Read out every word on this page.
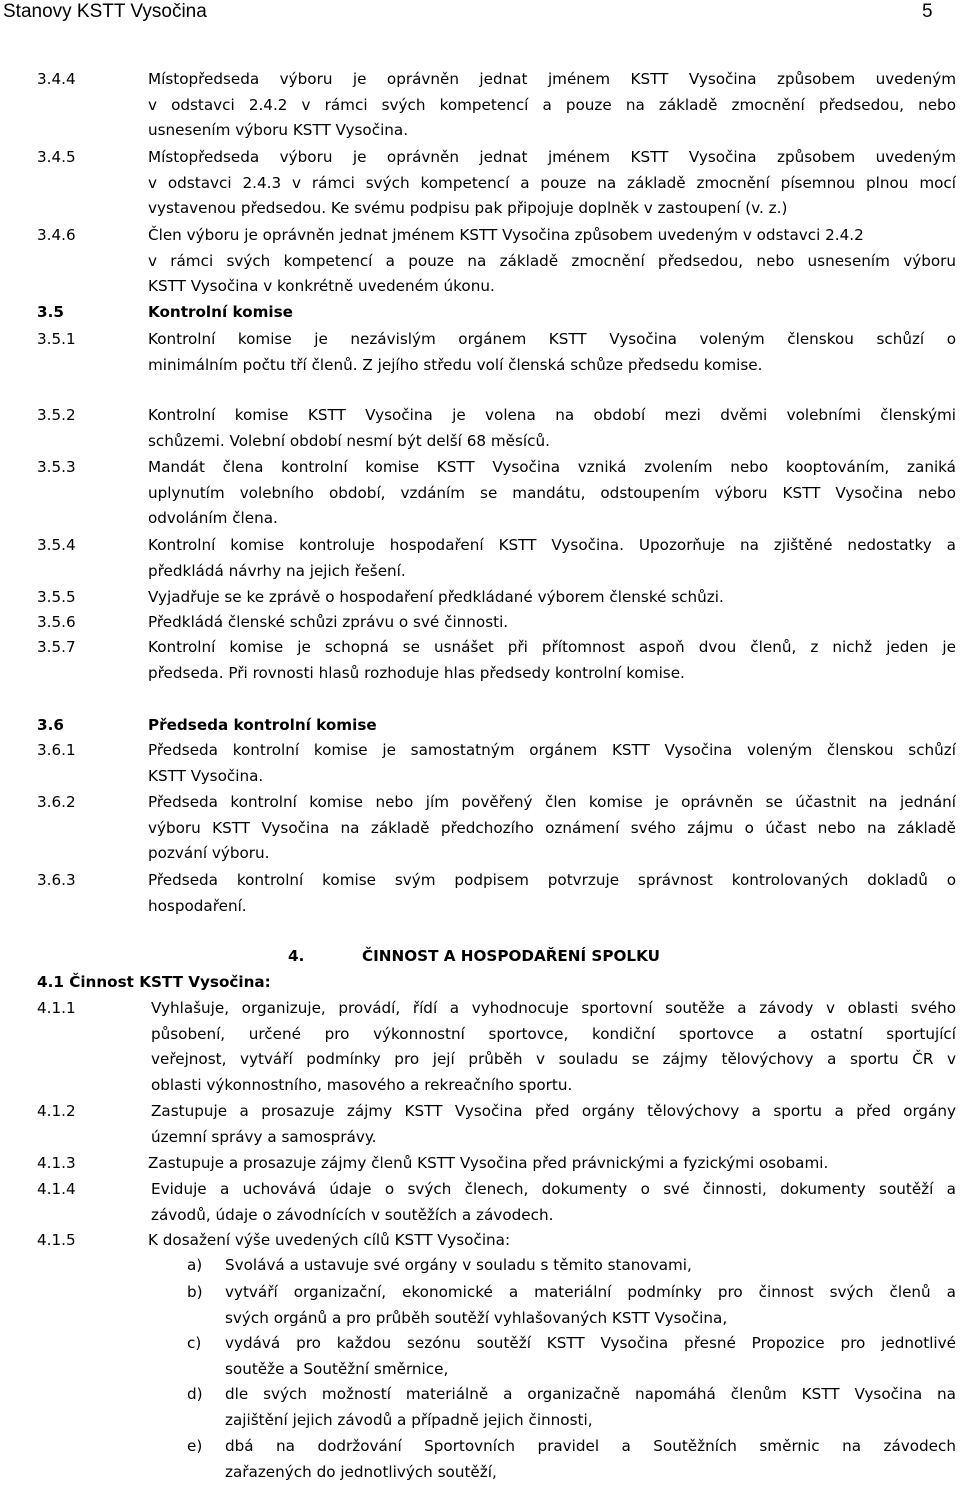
Stanovy KSTT Vysočina	5
3.4.4	Místopředseda výboru je oprávněn jednat jménem KSTT Vysočina způsobem uvedeným
v odstavci 2.4.2 v rámci svých kompetencí a pouze na základě zmocnění předsedou, nebo
usnesením výboru KSTT Vysočina.
3.4.5	Místopředseda výboru je oprávněn jednat jménem KSTT Vysočina způsobem uvedeným
v odstavci 2.4.3 v rámci svých kompetencí a pouze na základě zmocnění písemnou plnou mocí
vystavenou předsedou. Ke svému podpisu pak připojuje doplněk v zastoupení (v. z.)
3.4.6	Člen výboru je oprávněn jednat jménem KSTT Vysočina způsobem uvedeným v odstavci 2.4.2
v rámci svých kompetencí a pouze na základě zmocnění předsedou, nebo usnesením výboru
KSTT Vysočina v konkrétně uvedeném úkonu.
3.5	Kontrolní komise
3.5.1	Kontrolní komise je nezávislým orgánem KSTT Vysočina voleným členskou schůzí o
minimálním počtu tří členů. Z jejího středu volí členská schůze předsedu komise.
3.5.2	Kontrolní komise KSTT Vysočina je volena na období mezi dvěmi volebními členskými
schůzemi. Volební období nesmí být delší 68 měsíců.
3.5.3	Mandát člena kontrolní komise KSTT Vysočina vzniká zvolením nebo kooptováním, zaniká
uplynutím volebního období, vzdáním se mandátu, odstoupením výboru KSTT Vysočina nebo
odvoláním člena.
3.5.4	Kontrolní komise kontroluje hospodaření KSTT Vysočina. Upozorňuje na zjištěné nedostatky a
předkládá návrhy na jejich řešení.
3.5.5	Vyjadřuje se ke zprávě o hospodaření předkládané výborem členské schůzi.
3.5.6	Předkládá členské schůzi zprávu o své činnosti.
3.5.7	Kontrolní komise je schopná se usnášet při přítomnost aspoň dvou členů, z nichž jeden je
předseda. Při rovnosti hlasů rozhoduje hlas předsedy kontrolní komise.
3.6	Předseda kontrolní komise
3.6.1	Předseda kontrolní komise je samostatným orgánem KSTT Vysočina voleným členskou schůzí
KSTT Vysočina.
3.6.2	Předseda kontrolní komise nebo jím pověřený člen komise je oprávněn se účastnit na jednání
výboru KSTT Vysočina na základě předchozího oznámení svého zájmu o účast nebo na základě
pozvání výboru.
3.6.3	Předseda kontrolní komise svým podpisem potvrzuje správnost kontrolovaných dokladů o
hospodaření.
4.	ČINNOST A HOSPODAŘENÍ SPOLKU
4.1 Činnost KSTT Vysočina:
4.1.1	Vyhlašuje, organizuje, provádí, řídí a vyhodnocuje sportovní soutěže a závody v oblasti svého
působení, určené pro výkonnostní sportovce, kondiční sportovce a ostatní sportující
veřejnost, vytváří podmínky pro její průběh v souladu se zájmy tělovýchovy a sportu ČR v
oblasti výkonnostního, masového a rekreačního sportu.
4.1.2	Zastupuje a prosazuje zájmy KSTT Vysočina před orgány tělovýchovy a sportu a před orgány
územní správy a samosprávy.
4.1.3	Zastupuje a prosazuje zájmy členů KSTT Vysočina před právnickými a fyzickými osobami.
4.1.4	Eviduje a uchovává údaje o svých členech, dokumenty o své činnosti, dokumenty soutěží a
závodů, údaje o závodnících v soutěžích a závodech.
4.1.5	K dosažení výše uvedených cílů KSTT Vysočina:
a) Svolává a ustavuje své orgány v souladu s těmito stanovami,
b) vytváří organizační, ekonomické a materiální podmínky pro činnost svých členů a
svých orgánů a pro průběh soutěží vyhlašovaných KSTT Vysočina,
c) vydává pro každou sezónu soutěží KSTT Vysočina přesné Propozice pro jednotlivé
soutěže a Soutěžní směrnice,
d) dle svých možností materiálně a organizačně napomáhá členům KSTT Vysočina na
zajištění jejich závodů a případně jejich činnosti,
e) dbá na dodržování Sportovních pravidel a Soutěžních směrnic na závodech
zařazených do jednotlivých soutěží,
